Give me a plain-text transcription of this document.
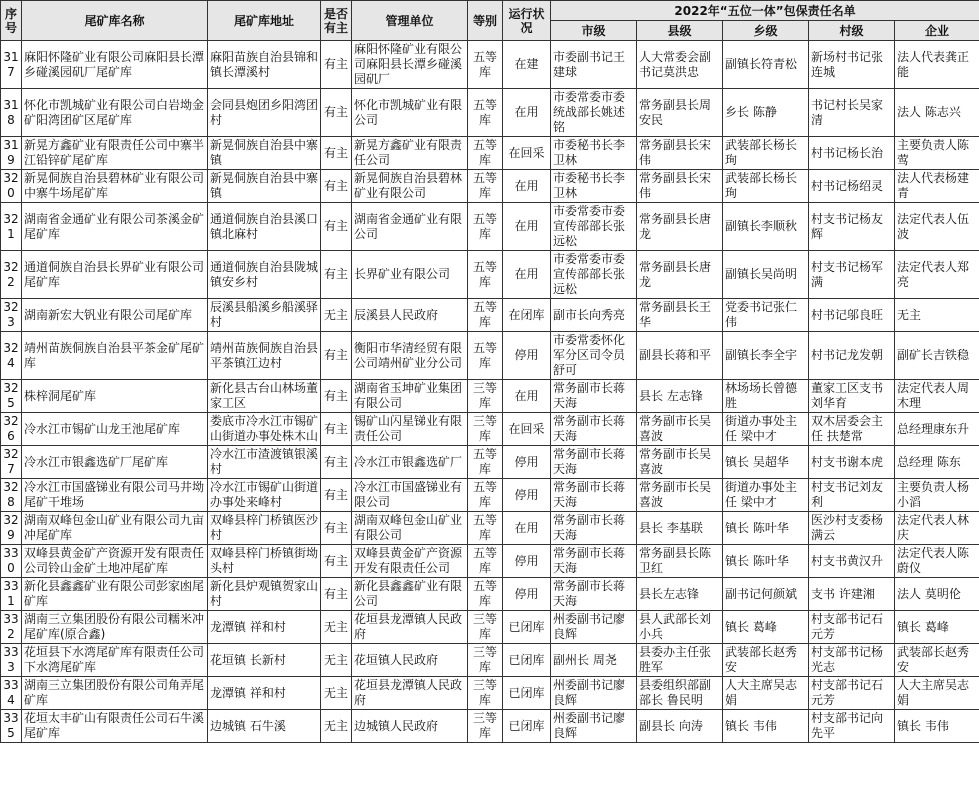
序号	尾矿库名称	尾矿库地址	是否有主	管理单位	等别	运行状况	2022年“五位一体”包保责任名单				
							市级	县级	乡级	村级	企业
317	麻阳怀隆矿业有限公司麻阳县长潭乡碰溪园矶厂尾矿库	麻阳苗族自治县锦和镇长潭溪村	有主	麻阳怀隆矿业有限公司麻阳县长潭乡碰溪园矶厂	五等库	在建	市委副书记王建球	人大常委会副书记莫洪忠	副镇长符青松	新场村书记张连城	法人代表龚正能
318	怀化市凯城矿业有限公司白岩坳金矿阳湾团矿区尾矿库	会同县炮团乡阳湾团村	有主	怀化市凯城矿业有限公司	五等库	在用	市委常委市委统战部长姚述铭	常务副县长周安民	乡长 陈静	书记村长吴家清	法人 陈志兴
319	新晃方鑫矿业有限责任公司中寨半江铅锌矿尾矿库	新晃侗族自治县中寨镇	有主	新晃方鑫矿业有限责任公司	五等库	在回采	市委秘书长李卫林	常务副县长宋伟	武装部长杨长珣	村书记杨长治	主要负责人陈莺
320	新晃侗族自治县碧林矿业有限公司中寨牛场尾矿库	新晃侗族自治县中寨镇	有主	新晃侗族自治县碧林矿业有限公司	五等库	在用	市委秘书长李卫林	常务副县长宋伟	武装部长杨长珣	村书记杨绍灵	法人代表杨建青
321	湖南省金通矿业有限公司茶溪金矿尾矿库	通道侗族自治县溪口镇北麻村	有主	湖南省金通矿业有限公司	五等库	在用	市委常委市委宣传部部长张远松	常务副县长唐龙	副镇长李顺秋	村支书记杨友辉	法定代表人伍波
322	通道侗族自治县长界矿业有限公司尾矿库	通道侗族自治县陇城镇安乡村	有主	长界矿业有限公司	五等库	在用	市委常委市委宣传部部长张远松	常务副县长唐龙	副镇长吴尚明	村支书记杨军满	法定代表人郑亮
323	湖南新宏大钒业有限公司尾矿库	辰溪县船溪乡船溪驿村	无主	辰溪县人民政府	五等库	在闭库	副市长向秀亮	常务副县长王华	党委书记张仁伟	村书记邬良旺	无主
324	靖州苗族侗族自治县平茶金矿尾矿库	靖州苗族侗族自治县平茶镇江边村	有主	衡阳市华清经贸有限公司靖州矿业分公司	五等库	停用	市委常委怀化军分区司令员 舒可	副县长蒋和平	副镇长李全宇	村书记龙发朝	副矿长吉铁稳
325	株梓洞尾矿库	新化县古台山林场董家工区	有主	湖南省玉坤矿业集团有限公司	三等库	在用	常务副市长蒋天海	县长 左志锋	林场场长曾德胜	董家工区支书刘华育	法定代表人周木理
326	冷水江市锡矿山龙王池尾矿库	娄底市冷水江市锡矿山街道办事处株木山	有主	锡矿山闪星锑业有限责任公司	三等库	在回采	常务副市长蒋天海	常务副市长吴喜波	街道办事处主任 梁中才	双木居委会主任 扶楚常	总经理康东升
327	冷水江市银鑫选矿厂尾矿库	冷水江市渣渡镇银溪村	有主	冷水江市银鑫选矿厂	五等库	停用	常务副市长蒋天海	常务副市长吴喜波	镇长 吴超华	村支书谢本虎	总经理 陈东
328	冷水江市国盛锑业有限公司马井坳尾矿干堆场	冷水江市锡矿山街道办事处来峰村	有主	冷水江市国盛锑业有限公司	五等库	停用	常务副市长蒋天海	常务副市长吴喜波	街道办事处主任 梁中才	村支书记刘友利	主要负责人杨小滔
329	湖南双峰包金山矿业有限公司九亩冲尾矿库	双峰县梓门桥镇医沙村	有主	湖南双峰包金山矿业有限公司	五等库	在用	常务副市长蒋天海	县长 李基联	镇长 陈叶华	医沙村支委杨满云	法定代表人林庆
330	双峰县黄金矿产资源开发有限责任公司铃山金矿土地冲尾矿库	双峰县梓门桥镇街坳头村	有主	双峰县黄金矿产资源开发有限责任公司	五等库	停用	常务副市长蒋天海	常务副县长陈卫红	镇长 陈叶华	村支书黄汉升	法定代表人陈蔚仪
331	新化县鑫鑫矿业有限公司彭家凼尾矿库	新化县炉观镇贺家山村	有主	新化县鑫鑫矿业有限公司	五等库	停用	常务副市长蒋天海	县长左志锋	副书记何颜斌	支书 许建湘	法人 莫明伦
332	湖南三立集团股份有限公司糯米冲尾矿库(原合鑫)	龙潭镇 祥和村	无主	花垣县龙潭镇人民政府	三等库	已闭库	州委副书记廖良辉	县人武部长刘小兵	镇长 葛峰	村支部书记石元芳	镇长 葛峰
333	花垣县下水湾尾矿库有限责任公司下水湾尾矿库	花垣镇 长新村	无主	花垣镇人民政府	三等库	已闭库	副州长 周尧	县委办主任张胜军	武装部长赵秀安	村支部书记杨光志	武装部长赵秀安
334	湖南三立集团股份有限公司角弄尾矿库	龙潭镇 祥和村	无主	花垣县龙潭镇人民政府	三等库	已闭库	州委副书记廖良辉	县委组织部副部长 鲁民明	人大主席吴志娟	村支部书记石元芳	人大主席吴志娟
335	花垣太丰矿山有限责任公司石牛溪尾矿库	边城镇 石牛溪	无主	边城镇人民政府	三等库	已闭库	州委副书记廖良辉	副县长 向涛	镇长 韦伟	村支部书记向先平	镇长 韦伟
